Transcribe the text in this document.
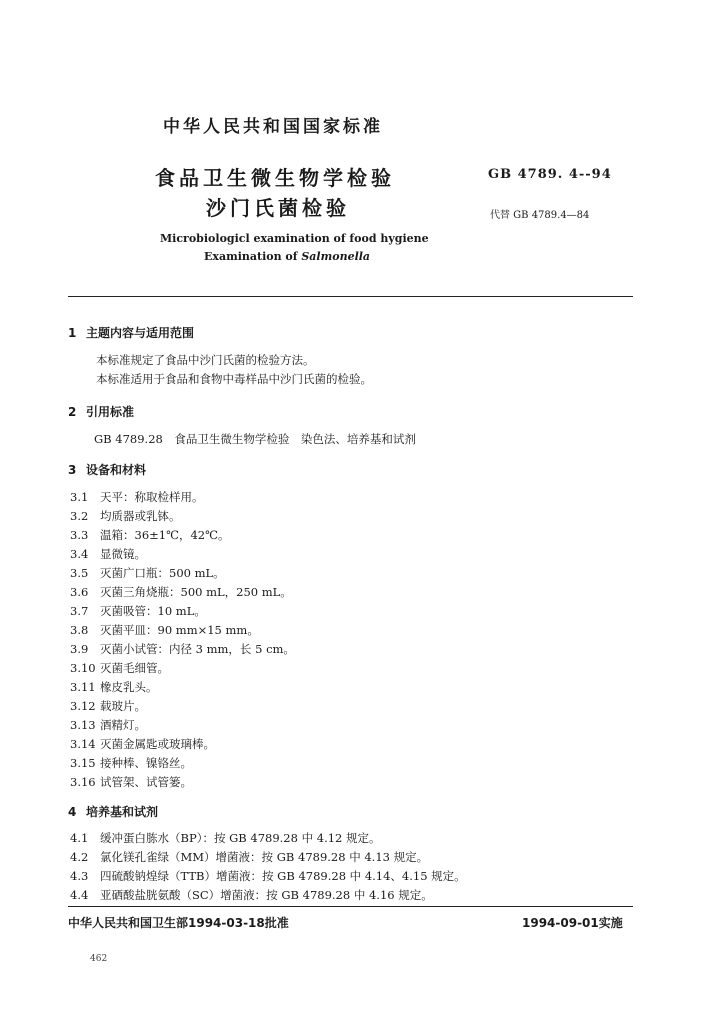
中华人民共和国国家标准
食品卫生微生物学检验
沙门氏菌检验
GB 4789. 4--94
代替 GB 4789.4—84
Microbiologicl examination of food hygiene
Examination of Salmonella
1 主题内容与适用范围
本标准规定了食品中沙门氏菌的检验方法。
本标准适用于食品和食物中毒样品中沙门氏菌的检验。
2 引用标准
GB 4789.28　食品卫生微生物学检验　染色法、培养基和试剂
3 设备和材料
3.1 天平：称取检样用。
3.2 均质器或乳钵。
3.3 温箱：36±1℃，42℃。
3.4 显微镜。
3.5 灭菌广口瓶：500 mL。
3.6 灭菌三角烧瓶：500 mL，250 mL。
3.7 灭菌吸管：10 mL。
3.8 灭菌平皿：90 mm×15 mm。
3.9 灭菌小试管：内径 3 mm，长 5 cm。
3.10 灭菌毛细管。
3.11 橡皮乳头。
3.12 载玻片。
3.13 酒精灯。
3.14 灭菌金属匙或玻璃棒。
3.15 接种棒、镍铬丝。
3.16 试管架、试管篓。
4 培养基和试剂
4.1 缓冲蛋白胨水（BP）：按 GB 4789.28 中 4.12 规定。
4.2 氯化镁孔雀绿（MM）增菌液：按 GB 4789.28 中 4.13 规定。
4.3 四硫酸钠煌绿（TTB）增菌液：按 GB 4789.28 中 4.14、4.15 规定。
4.4 亚硒酸盐胱氨酸（SC）增菌液：按 GB 4789.28 中 4.16 规定。
中华人民共和国卫生部1994-03-18批准	1994-09-01实施
462
